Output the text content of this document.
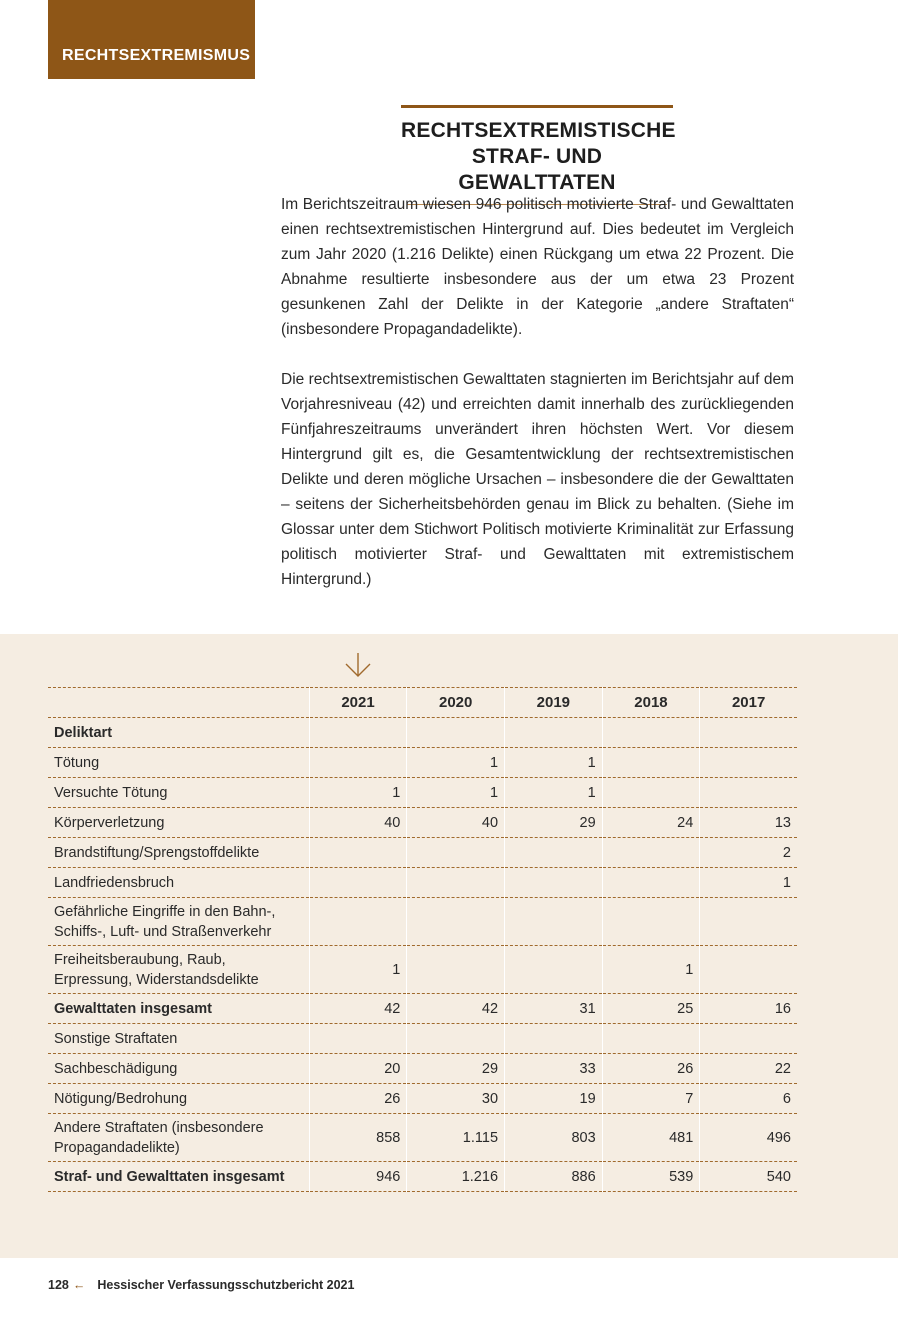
RECHTSEXTREMISMUS
RECHTSEXTREMISTISCHE
STRAF- UND GEWALTTATEN

Im Berichtszeitraum wiesen 946 politisch motivierte Straf- und Gewalttaten einen rechtsextremistischen Hintergrund auf. Dies bedeutet im Vergleich zum Jahr 2020 (1.216 Delikte) einen Rückgang um etwa 22 Prozent. Die Abnahme resultierte insbesondere aus der um etwa 23 Prozent gesunkenen Zahl der Delikte in der Kategorie „andere Straftaten“ (insbesondere Propagandadelikte).

Die rechtsextremistischen Gewalttaten stagnierten im Berichtsjahr auf dem Vorjahresniveau (42) und erreichten damit innerhalb des zurückliegenden Fünfjahreszeitraums unverändert ihren höchsten Wert. Vor diesem Hintergrund gilt es, die Gesamtentwicklung der rechtsextremistischen Delikte und deren mögliche Ursachen – insbesondere die der Gewalttaten – seitens der Sicherheitsbehörden genau im Blick zu behalten. (Siehe im Glossar unter dem Stichwort Politisch motivierte Kriminalität zur Erfassung politisch motivierter Straf- und Gewalttaten mit extremistischem Hintergrund.)

	2021	2020	2019	2018	2017
Deliktart					
Tötung		1	1		
Versuchte Tötung	1	1	1		
Körperverletzung	40	40	29	24	13
Brandstiftung/Sprengstoffdelikte					2
Landfriedensbruch					1
Gefährliche Eingriffe in den Bahn-, Schiffs-, Luft- und Straßenverkehr					
Freiheitsberaubung, Raub, Erpressung, Widerstandsdelikte	1			1	
Gewalttaten insgesamt	42	42	31	25	16
Sonstige Straftaten					
Sachbeschädigung	20	29	33	26	22
Nötigung/Bedrohung	26	30	19	7	6
Andere Straftaten (insbesondere Propagandadelikte)	858	1.115	803	481	496
Straf- und Gewalttaten insgesamt	946	1.216	886	539	540
128 ← Hessischer Verfassungsschutzbericht 2021
